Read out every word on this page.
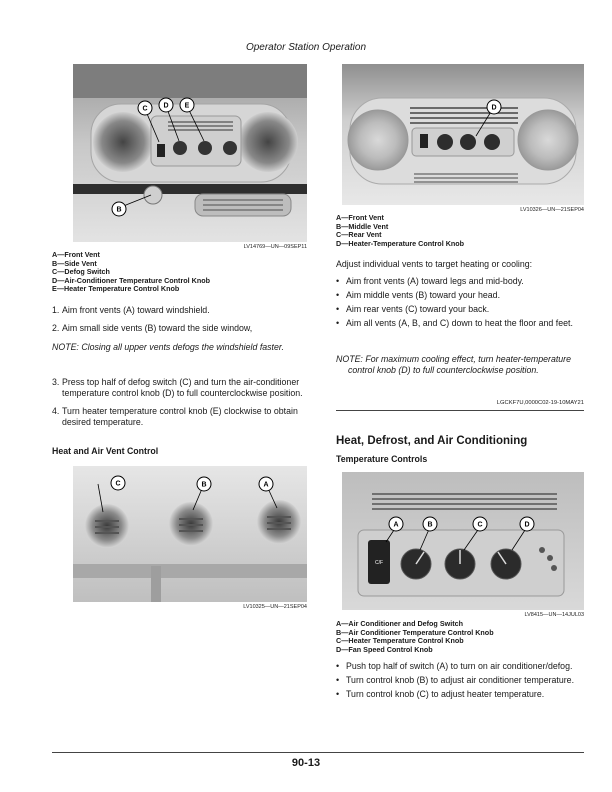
Operator Station Operation
C D E
B
LV14769—UN—09SEP11
A—Front Vent
B—Side Vent
C—Defog Switch
D—Air-Conditioner Temperature Control Knob
E—Heater Temperature Control Knob
1. Aim front vents (A) toward windshield.
2. Aim small side vents (B) toward the side window,

NOTE: Closing all upper vents defogs the windshield faster.

3. Press top half of defog switch (C) and turn the air-conditioner temperature control knob (D) to full counterclockwise position.
4. Turn heater temperature control knob (E) clockwise to obtain desired temperature.
Heat and Air Vent Control
C	B	A
LV10325—UN—21SEP04
D
LV10326—UN—21SEP04
A—Front Vent
B—Middle Vent
C—Rear Vent
D—Heater-Temperature Control Knob
Adjust individual vents to target heating or cooling:
• Aim front vents (A) toward legs and mid-body.
• Aim middle vents (B) toward your head.
• Aim rear vents (C) toward your back.
• Aim all vents (A, B, and C) down to heat the floor and feet.

NOTE: For maximum cooling effect, turn heater-temperature control knob (D) to full counterclockwise position.

LGCKF7U,0000C02-19-10MAY21
Heat, Defrost, and Air Conditioning
Temperature Controls
C/F
A	B	C	D
LV8415—UN—14JUL03
A—Air Conditioner and Defog Switch
B—Air Conditioner Temperature Control Knob
C—Heater Temperature Control Knob
D—Fan Speed Control Knob
• Push top half of switch (A) to turn on air conditioner/defog.
• Turn control knob (B) to adjust air conditioner temperature.
• Turn control knob (C) to adjust heater temperature.
90-13
